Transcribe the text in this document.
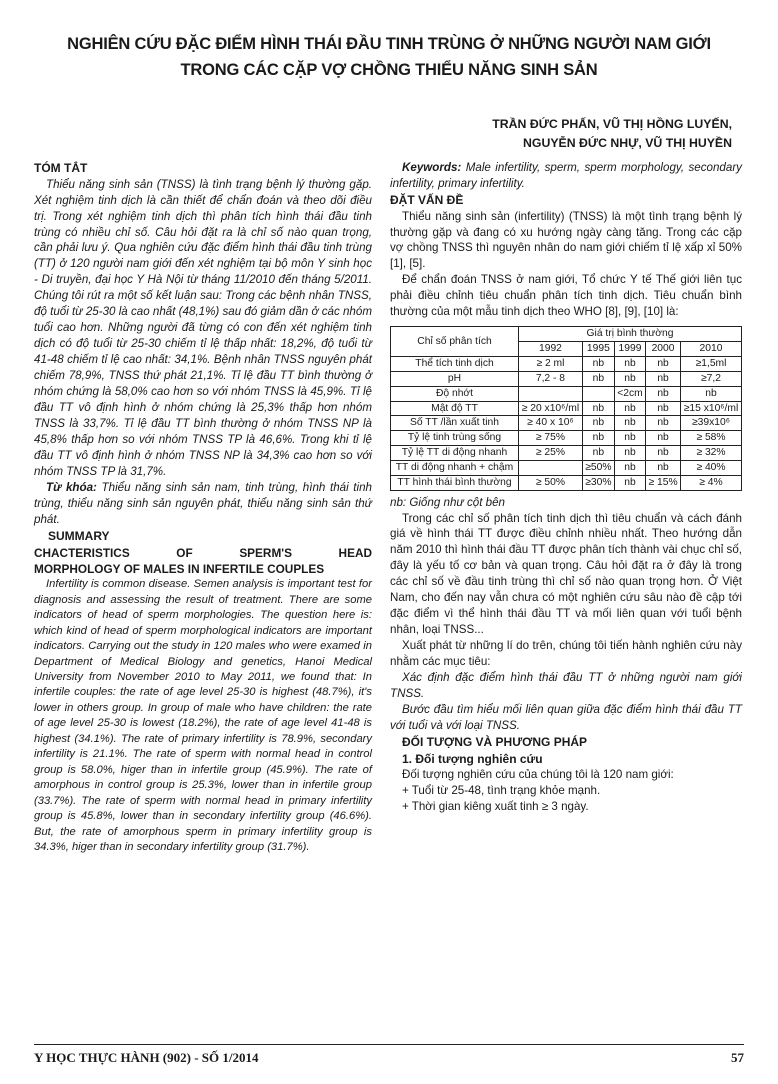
NGHIÊN CỨU ĐẶC ĐIỂM HÌNH THÁI ĐẦU TINH TRÙNG Ở NHỮNG NGƯỜI NAM GIỚI
TRONG CÁC CẶP VỢ CHỒNG THIỂU NĂNG SINH SẢN
TRẦN ĐỨC PHẤN, VŨ THỊ HỒNG LUYẾN,
NGUYỄN ĐỨC NHỰ, VŨ THỊ HUYỀN
TÓM TẮT

Thiểu năng sinh sản (TNSS) là tình trạng bệnh lý thường gặp. Xét nghiệm tinh dịch là cần thiết để chẩn đoán và theo dõi điều trị. Trong xét nghiệm tinh dịch thì phân tích hình thái đầu tinh trùng có nhiều chỉ số. Câu hỏi đặt ra là chỉ số nào quan trọng, cần phải lưu ý. Qua nghiên cứu đặc điểm hình thái đầu tinh trùng (TT) ở 120 người nam giới đến xét nghiệm tại bộ môn Y sinh học - Di truyền, đại học Y Hà Nội từ tháng 11/2010 đến tháng 5/2011. Chúng tôi rút ra một số kết luận sau: Trong các bệnh nhân TNSS, độ tuổi từ 25-30 là cao nhất (48,1%) sau đó giảm dần ở các nhóm tuổi cao hơn. Những người đã từng có con đến xét nghiệm tinh dịch có độ tuổi từ 25-30 chiếm tỉ lệ thấp nhất: 18,2%, độ tuổi từ 41-48 chiếm tỉ lệ cao nhất: 34,1%. Bệnh nhân TNSS nguyên phát chiếm 78,9%, TNSS thứ phát 21,1%. Tỉ lệ đầu TT bình thường ở nhóm chứng là 58,0% cao hơn so với nhóm TNSS là 45,9%. Tỉ lệ đầu TT vô định hình ở nhóm chứng là 25,3% thấp hơn nhóm TNSS là 33,7%. Tỉ lệ đầu TT bình thường ở nhóm TNSS NP là 45,8% thấp hơn so với nhóm TNSS TP là 46,6%. Trong khi tỉ lệ đầu TT vô định hình ở nhóm TNSS NP là 34,3% cao hơn so với nhóm TNSS TP là 31,7%.

Từ khóa: Thiểu năng sinh sản nam, tinh trùng, hình thái tinh trùng, thiểu năng sinh sản nguyên phát, thiểu năng sinh sản thứ phát.

SUMMARY
CHACTERISTICS OF SPERM'S HEAD
MORPHOLOGY OF MALES IN INFERTILE COUPLES

Infertility is common disease. Semen analysis is important test for diagnosis and assessing the result of treatment. There are some indicators of head of sperm morphologies. The question here is: which kind of head of sperm morphological indicators are important indicators. Carrying out the study in 120 males who were examed in Department of Medical Biology and genetics, Hanoi Medical University from November 2010 to May 2011, we found that: In infertile couples: the rate of age level 25-30 is highest (48.7%), it's lower in others group. In group of male who have children: the rate of age level 25-30 is lowest (18.2%), the rate of age level 41-48 is highest (34.1%). The rate of primary infertility is 78.9%, secondary infertility is 21.1%. The rate of sperm with normal head in control group is 58.0%, higer than in infertile group (45.9%). The rate of amorphous in control group is 25.3%, lower than in infertile group (33.7%). The rate of sperm with normal head in primary infertility group is 45.8%, lower than in secondary infertility group (46.6%). But, the rate of amorphous sperm in primary infertility group is 34.3%, higer than in secondary infertility group (31.7%).

Keywords: Male infertility, sperm, sperm morphology, secondary infertility, primary infertility.

ĐẶT VẤN ĐỀ

Thiểu năng sinh sản (infertility) (TNSS) là một tình trạng bệnh lý thường gặp và đang có xu hướng ngày càng tăng. Trong các cặp vợ chồng TNSS thì nguyên nhân do nam giới chiếm tỉ lệ xấp xỉ 50% [1], [5].

Để chẩn đoán TNSS ở nam giới, Tổ chức Y tế Thế giới liên tục phải điều chỉnh tiêu chuẩn phân tích tinh dịch. Tiêu chuẩn bình thường của một mẫu tinh dịch theo WHO [8], [9], [10] là:

Chỉ số phân tích	Giá trị bình thường				
	1992	1995	1999	2000	2010
Thể tích tinh dịch	≥ 2 ml	nb	nb	nb	≥1,5ml
pH	7,2 - 8	nb	nb	nb	≥7,2
Độ nhớt			<2cm	nb	nb
Mật độ TT	≥ 20 x10⁶/ml	nb	nb	nb	≥15 x10⁶/ml
Số TT /lần xuất tinh	≥ 40 x 10⁶	nb	nb	nb	≥39x10⁶
Tỷ lệ tinh trùng sống	≥ 75%	nb	nb	nb	≥ 58%
Tỷ lệ TT di động nhanh	≥ 25%	nb	nb	nb	≥ 32%
TT di động nhanh + chậm		≥50%	nb	nb	≥ 40%
TT hình thái bình thường	≥ 50%	≥30%	nb	≥ 15%	≥ 4%

nb: Giống như cột bên

Trong các chỉ số phân tích tinh dịch thì tiêu chuẩn và cách đánh giá về hình thái TT được điều chỉnh nhiều nhất. Theo hướng dẫn năm 2010 thì hình thái đầu TT được phân tích thành vài chục chỉ số, đây là yếu tố cơ bản và quan trọng. Câu hỏi đặt ra ở đây là trong các chỉ số về đầu tinh trùng thì chỉ số nào quan trọng hơn. Ở Việt Nam, cho đến nay vẫn chưa có một nghiên cứu sâu nào đề cập tới đặc điểm vì thể hình thái đầu TT và mối liên quan với tuổi bệnh nhân, loại TNSS...

Xuất phát từ những lí do trên, chúng tôi tiến hành nghiên cứu này nhằm các mục tiêu:

Xác định đặc điểm hình thái đầu TT ở những người nam giới TNSS.

Bước đầu tìm hiểu mối liên quan giữa đặc điểm hình thái đầu TT với tuổi và với loại TNSS.

ĐỐI TƯỢNG VÀ PHƯƠNG PHÁP
1. Đối tượng nghiên cứu

Đối tượng nghiên cứu của chúng tôi là 120 nam giới:

+ Tuổi từ 25-48, tình trạng khỏe mạnh.

+ Thời gian kiêng xuất tinh ≥ 3 ngày.

Y HỌC THỰC HÀNH (902) - SỐ 1/2014	57
